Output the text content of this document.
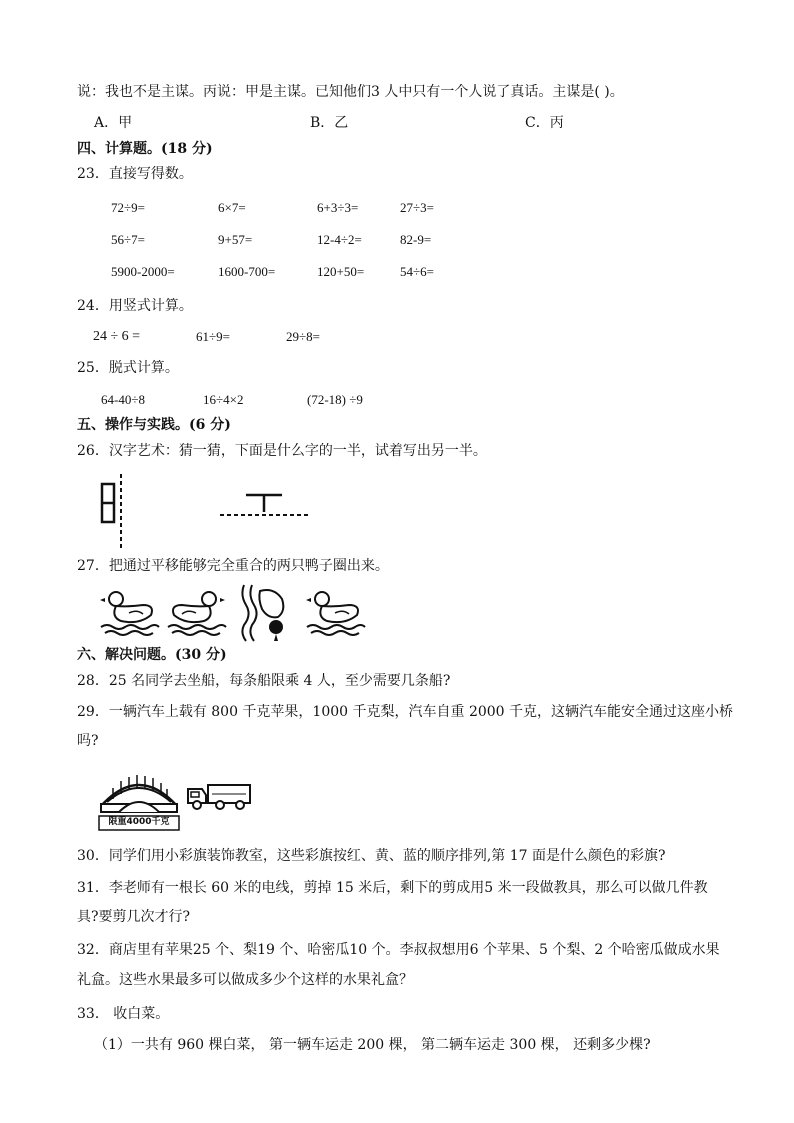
说：我也不是主谋。丙说：甲是主谋。已知他们3 人中只有一个人说了真话。主谋是( )。
A．甲	B．乙	C．丙
四、计算题。(18 分)
23．直接写得数。
72÷9=	6×7=	6+3÷3=	27÷3=
56÷7=	9+57=	12-4÷2=	82-9=
5900-2000=	1600-700=	120+50=	54÷6=
24．用竖式计算。
24 ÷ 6 =	61÷9=	29÷8=
25．脱式计算。
64-40÷8	16÷4×2	(72-18) ÷9
五、操作与实践。(6 分)
26．汉字艺术：猜一猜，下面是什么字的一半，试着写出另一半。
27．把通过平移能够完全重合的两只鸭子圈出来。
六、解决问题。(30 分)
28．25 名同学去坐船，每条船限乘 4 人，至少需要几条船?
29．一辆汽车上载有 800 千克苹果，1000 千克梨，汽车自重 2000 千克，这辆汽车能安全通过这座小桥
吗?
限重4000千克
30．同学们用小彩旗装饰教室，这些彩旗按红、黄、蓝的顺序排列,第 17 面是什么颜色的彩旗?
31．李老师有一根长 60 米的电线，剪掉 15 米后，剩下的剪成用5 米一段做教具，那么可以做几件教
具?要剪几次才行?
32．商店里有苹果25 个、梨19 个、哈密瓜10 个。李叔叔想用6 个苹果、5 个梨、2 个哈密瓜做成水果
礼盒。这些水果最多可以做成多少个这样的水果礼盒？
33． 收白菜。
（1）一共有 960 棵白菜， 第一辆车运走 200 棵， 第二辆车运走 300 棵， 还剩多少棵?
